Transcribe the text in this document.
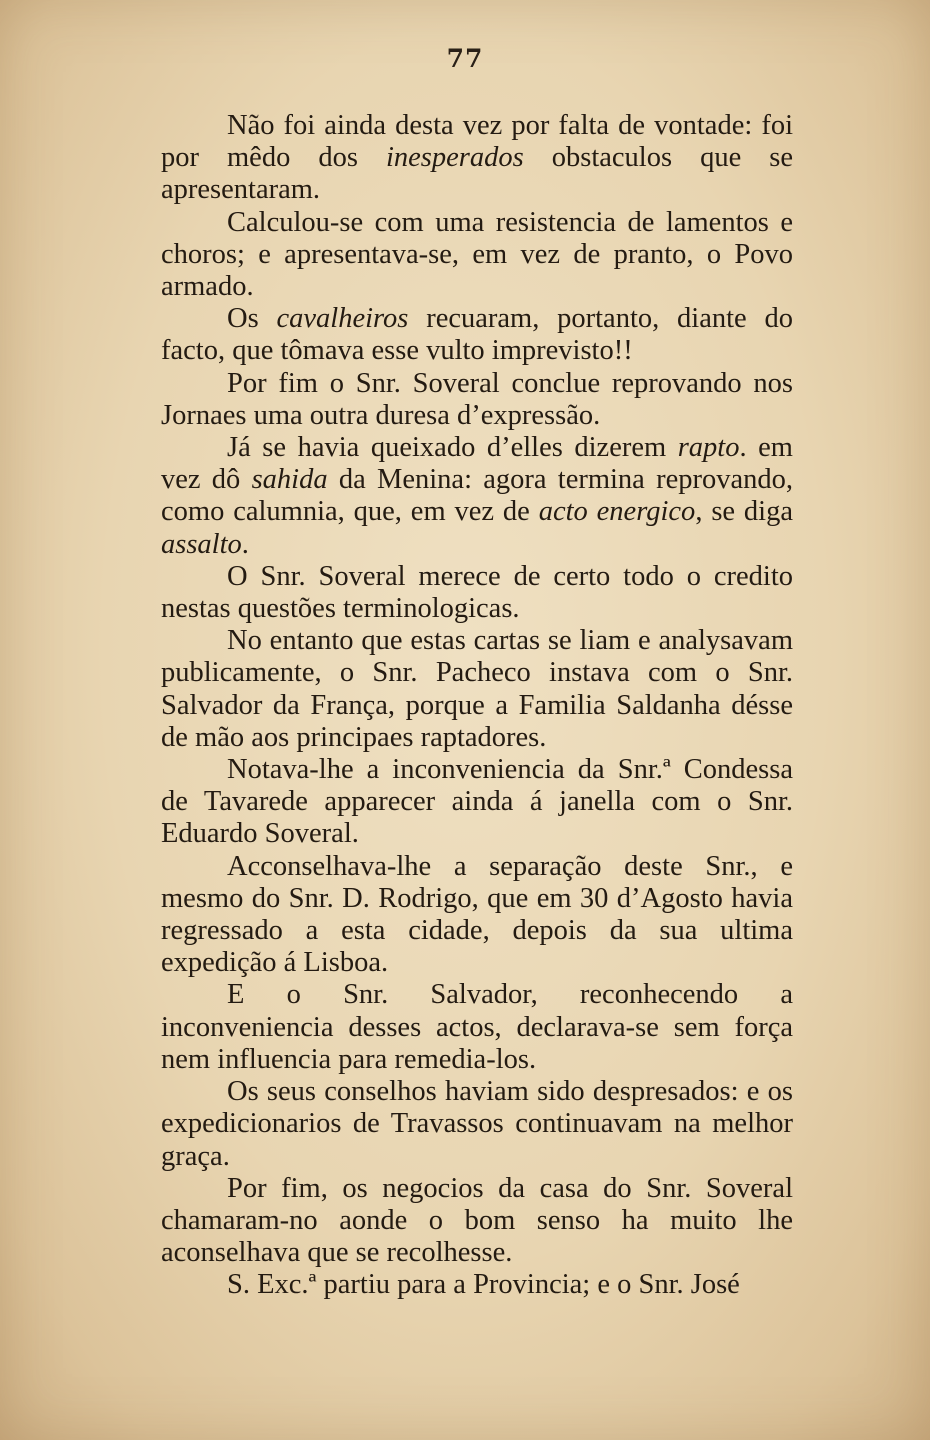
77

Não foi ainda desta vez por falta de vontade: foi por mêdo dos inesperados obstaculos que se apresentaram.

Calculou-se com uma resistencia de lamentos e choros; e apresentava-se, em vez de pranto, o Povo armado.

Os cavalheiros recuaram, portanto, diante do facto, que tômava esse vulto imprevisto!!

Por fim o Snr. Soveral conclue reprovando nos Jornaes uma outra duresa d’expressão.

Já se havia queixado d’elles dizerem rapto. em vez dô sahida da Menina: agora termina reprovando, como calumnia, que, em vez de acto energico, se diga assalto.

O Snr. Soveral merece de certo todo o credito nestas questões terminologicas.

No entanto que estas cartas se liam e analysavam publicamente, o Snr. Pacheco instava com o Snr. Salvador da França, porque a Familia Saldanha désse de mão aos principaes raptadores.

Notava-lhe a inconveniencia da Snr.ª Condessa de Tavarede apparecer ainda á janella com o Snr. Eduardo Soveral.

Acconselhava-lhe a separação deste Snr., e mesmo do Snr. D. Rodrigo, que em 30 d’Agosto havia regressado a esta cidade, depois da sua ultima expedição á Lisboa.

E o Snr. Salvador, reconhecendo a inconveniencia desses actos, declarava-se sem força nem influencia para remedia-los.

Os seus conselhos haviam sido despresados: e os expedicionarios de Travassos continuavam na melhor graça.

Por fim, os negocios da casa do Snr. Soveral chamaram-no aonde o bom senso ha muito lhe aconselhava que se recolhesse.

S. Exc.ª partiu para a Provincia; e o Snr. José
